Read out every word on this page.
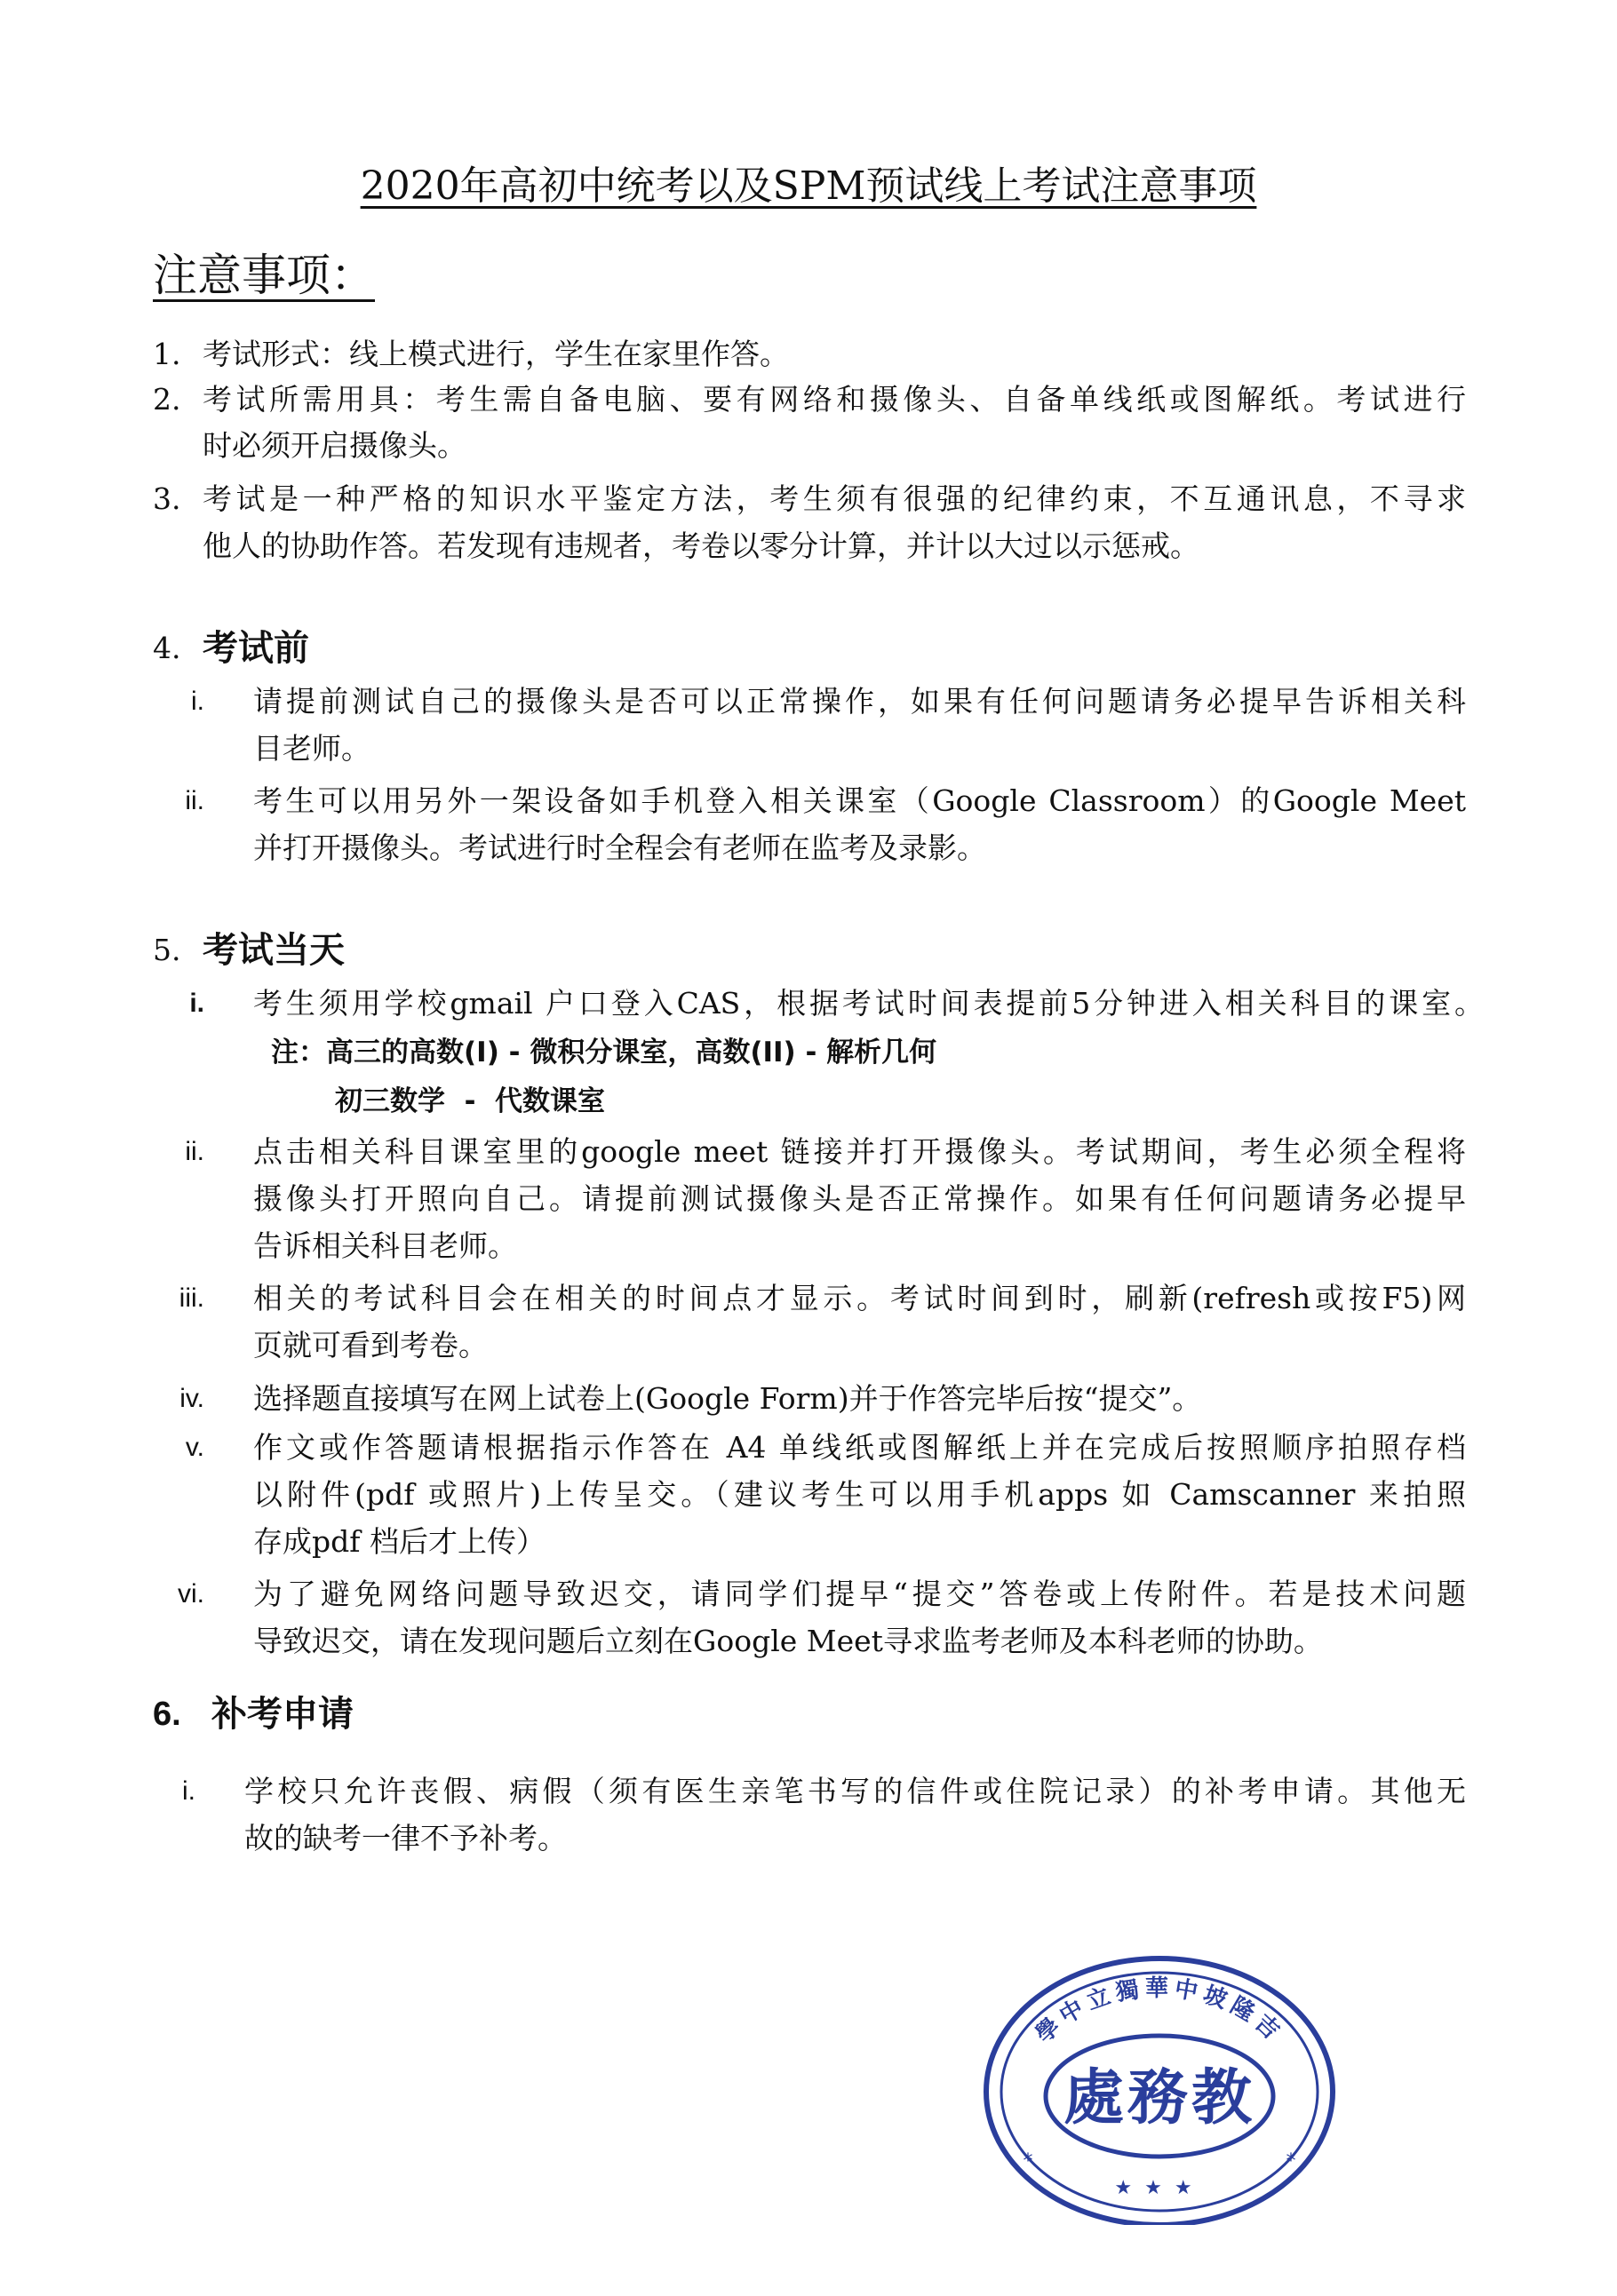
2020年高初中统考以及SPM预试线上考试注意事项
注意事项：
1. 考试形式：线上模式进行，学生在家里作答。
2. 考试所需用具：考生需自备电脑、要有网络和摄像头、自备单线纸或图解纸。考试进行
时必须开启摄像头。
3. 考试是一种严格的知识水平鉴定方法，考生须有很强的纪律约束，不互通讯息，不寻求
他人的协助作答。若发现有违规者，考卷以零分计算，并计以大过以示惩戒。
4. 考试前
i. 请提前测试自己的摄像头是否可以正常操作，如果有任何问题请务必提早告诉相关科
目老师。
ii. 考生可以用另外一架设备如手机登入相关课室（Google Classroom）的Google Meet
并打开摄像头。考试进行时全程会有老师在监考及录影。
5. 考试当天
i. 考生须用学校gmail 户口登入CAS，根据考试时间表提前5分钟进入相关科目的课室。
注：高三的高数(I) - 微积分课室，高数(II) - 解析几何
初三数学  -  代数课室
ii. 点击相关科目课室里的google meet 链接并打开摄像头。考试期间，考生必须全程将
摄像头打开照向自己。请提前测试摄像头是否正常操作。如果有任何问题请务必提早
告诉相关科目老师。
iii. 相关的考试科目会在相关的时间点才显示。考试时间到时，刷新(refresh或按F5)网
页就可看到考卷。
iv. 选择题直接填写在网上试卷上(Google Form)并于作答完毕后按“提交”。
v. 作文或作答题请根据指示作答在 A4 单线纸或图解纸上并在完成后按照顺序拍照存档
以附件(pdf 或照片)上传呈交。（建议考生可以用手机apps 如 Camscanner 来拍照
存成pdf 档后才上传）
vi. 为了避免网络问题导致迟交，请同学们提早“提交”答卷或上传附件。若是技术问题
导致迟交，请在发现问题后立刻在Google Meet寻求监考老师及本科老师的协助。
6. 补考申请
i. 学校只允许丧假、病假（须有医生亲笔书写的信件或住院记录）的补考申请。其他无
故的缺考一律不予补考。
學中立獨華中坡隆吉
處務教
★★★
*	*
